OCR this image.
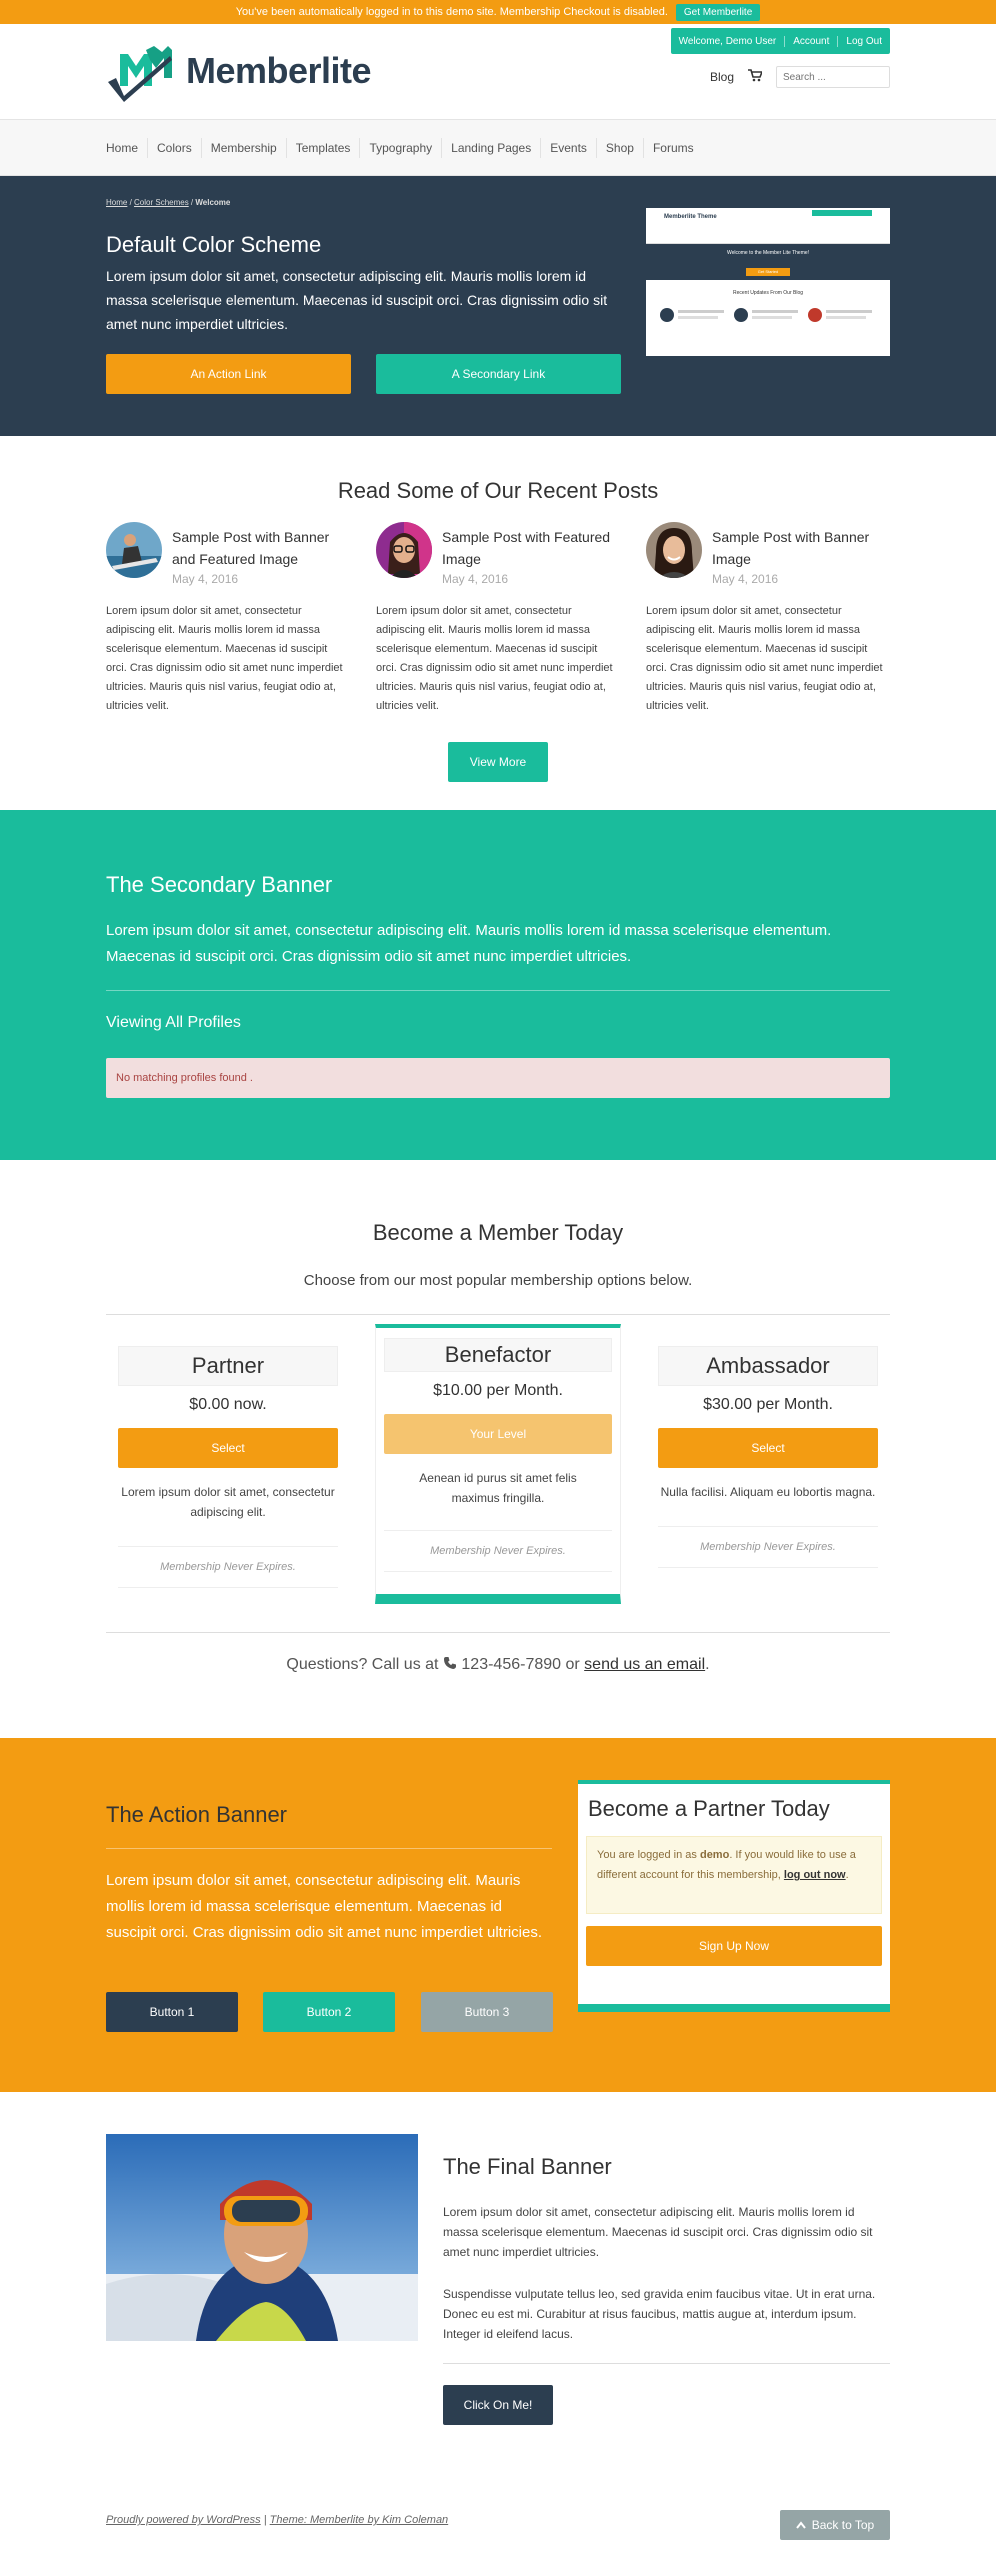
You've been automatically logged in to this demo site. Membership Checkout is disabled.	Get Memberlite
Memberlite
Welcome, Demo User	Account	Log Out
Blog
Search ...
Home	Colors	Membership	Templates	Typography	Landing Pages	Events	Shop	Forums
Home / Color Schemes / Welcome
Default Color Scheme

Lorem ipsum dolor sit amet, consectetur adipiscing elit. Mauris mollis lorem id massa scelerisque elementum. Maecenas id suscipit orci. Cras dignissim odio sit amet nunc imperdiet ultricies.

An Action Link	A Secondary Link
Memberlite Theme
Welcome to the Member Lite Theme!
Get Started
Recent Updates From Our Blog
Read Some of Our Recent Posts
Sample Post with Banner and Featured Image
May 4, 2016

Lorem ipsum dolor sit amet, consectetur adipiscing elit. Mauris mollis lorem id massa scelerisque elementum. Maecenas id suscipit orci. Cras dignissim odio sit amet nunc imperdiet ultricies. Mauris quis nisl varius, feugiat odio at, ultricies velit.

Sample Post with Featured Image
May 4, 2016

Lorem ipsum dolor sit amet, consectetur adipiscing elit. Mauris mollis lorem id massa scelerisque elementum. Maecenas id suscipit orci. Cras dignissim odio sit amet nunc imperdiet ultricies. Mauris quis nisl varius, feugiat odio at, ultricies velit.

Sample Post with Banner Image
May 4, 2016

Lorem ipsum dolor sit amet, consectetur adipiscing elit. Mauris mollis lorem id massa scelerisque elementum. Maecenas id suscipit orci. Cras dignissim odio sit amet nunc imperdiet ultricies. Mauris quis nisl varius, feugiat odio at, ultricies velit.

View More
The Secondary Banner

Lorem ipsum dolor sit amet, consectetur adipiscing elit. Mauris mollis lorem id massa scelerisque elementum. Maecenas id suscipit orci. Cras dignissim odio sit amet nunc imperdiet ultricies.

Viewing All Profiles
No matching profiles found .
Become a Member Today
Choose from our most popular membership options below.
Partner
$0.00 now.
Select
Lorem ipsum dolor sit amet, consectetur adipiscing elit.
Membership Never Expires.
Benefactor
$10.00 per Month.
Your Level
Aenean id purus sit amet felis maximus fringilla.
Membership Never Expires.
Ambassador
$30.00 per Month.
Select
Nulla facilisi. Aliquam eu lobortis magna.
Membership Never Expires.
Questions? Call us at 123-456-7890 or send us an email.
The Action Banner

Lorem ipsum dolor sit amet, consectetur adipiscing elit. Mauris mollis lorem id massa scelerisque elementum. Maecenas id suscipit orci. Cras dignissim odio sit amet nunc imperdiet ultricies.

Button 1	Button 2	Button 3
Become a Partner Today
You are logged in as demo. If you would like to use a different account for this membership, log out now.
Sign Up Now
The Final Banner

Lorem ipsum dolor sit amet, consectetur adipiscing elit. Mauris mollis lorem id massa scelerisque elementum. Maecenas id suscipit orci. Cras dignissim odio sit amet nunc imperdiet ultricies.

Suspendisse vulputate tellus leo, sed gravida enim faucibus vitae. Ut in erat urna. Donec eu est mi. Curabitur at risus faucibus, mattis augue at, interdum ipsum. Integer id eleifend lacus.

Click On Me!
Proudly powered by WordPress | Theme: Memberlite by Kim Coleman	Back to Top
